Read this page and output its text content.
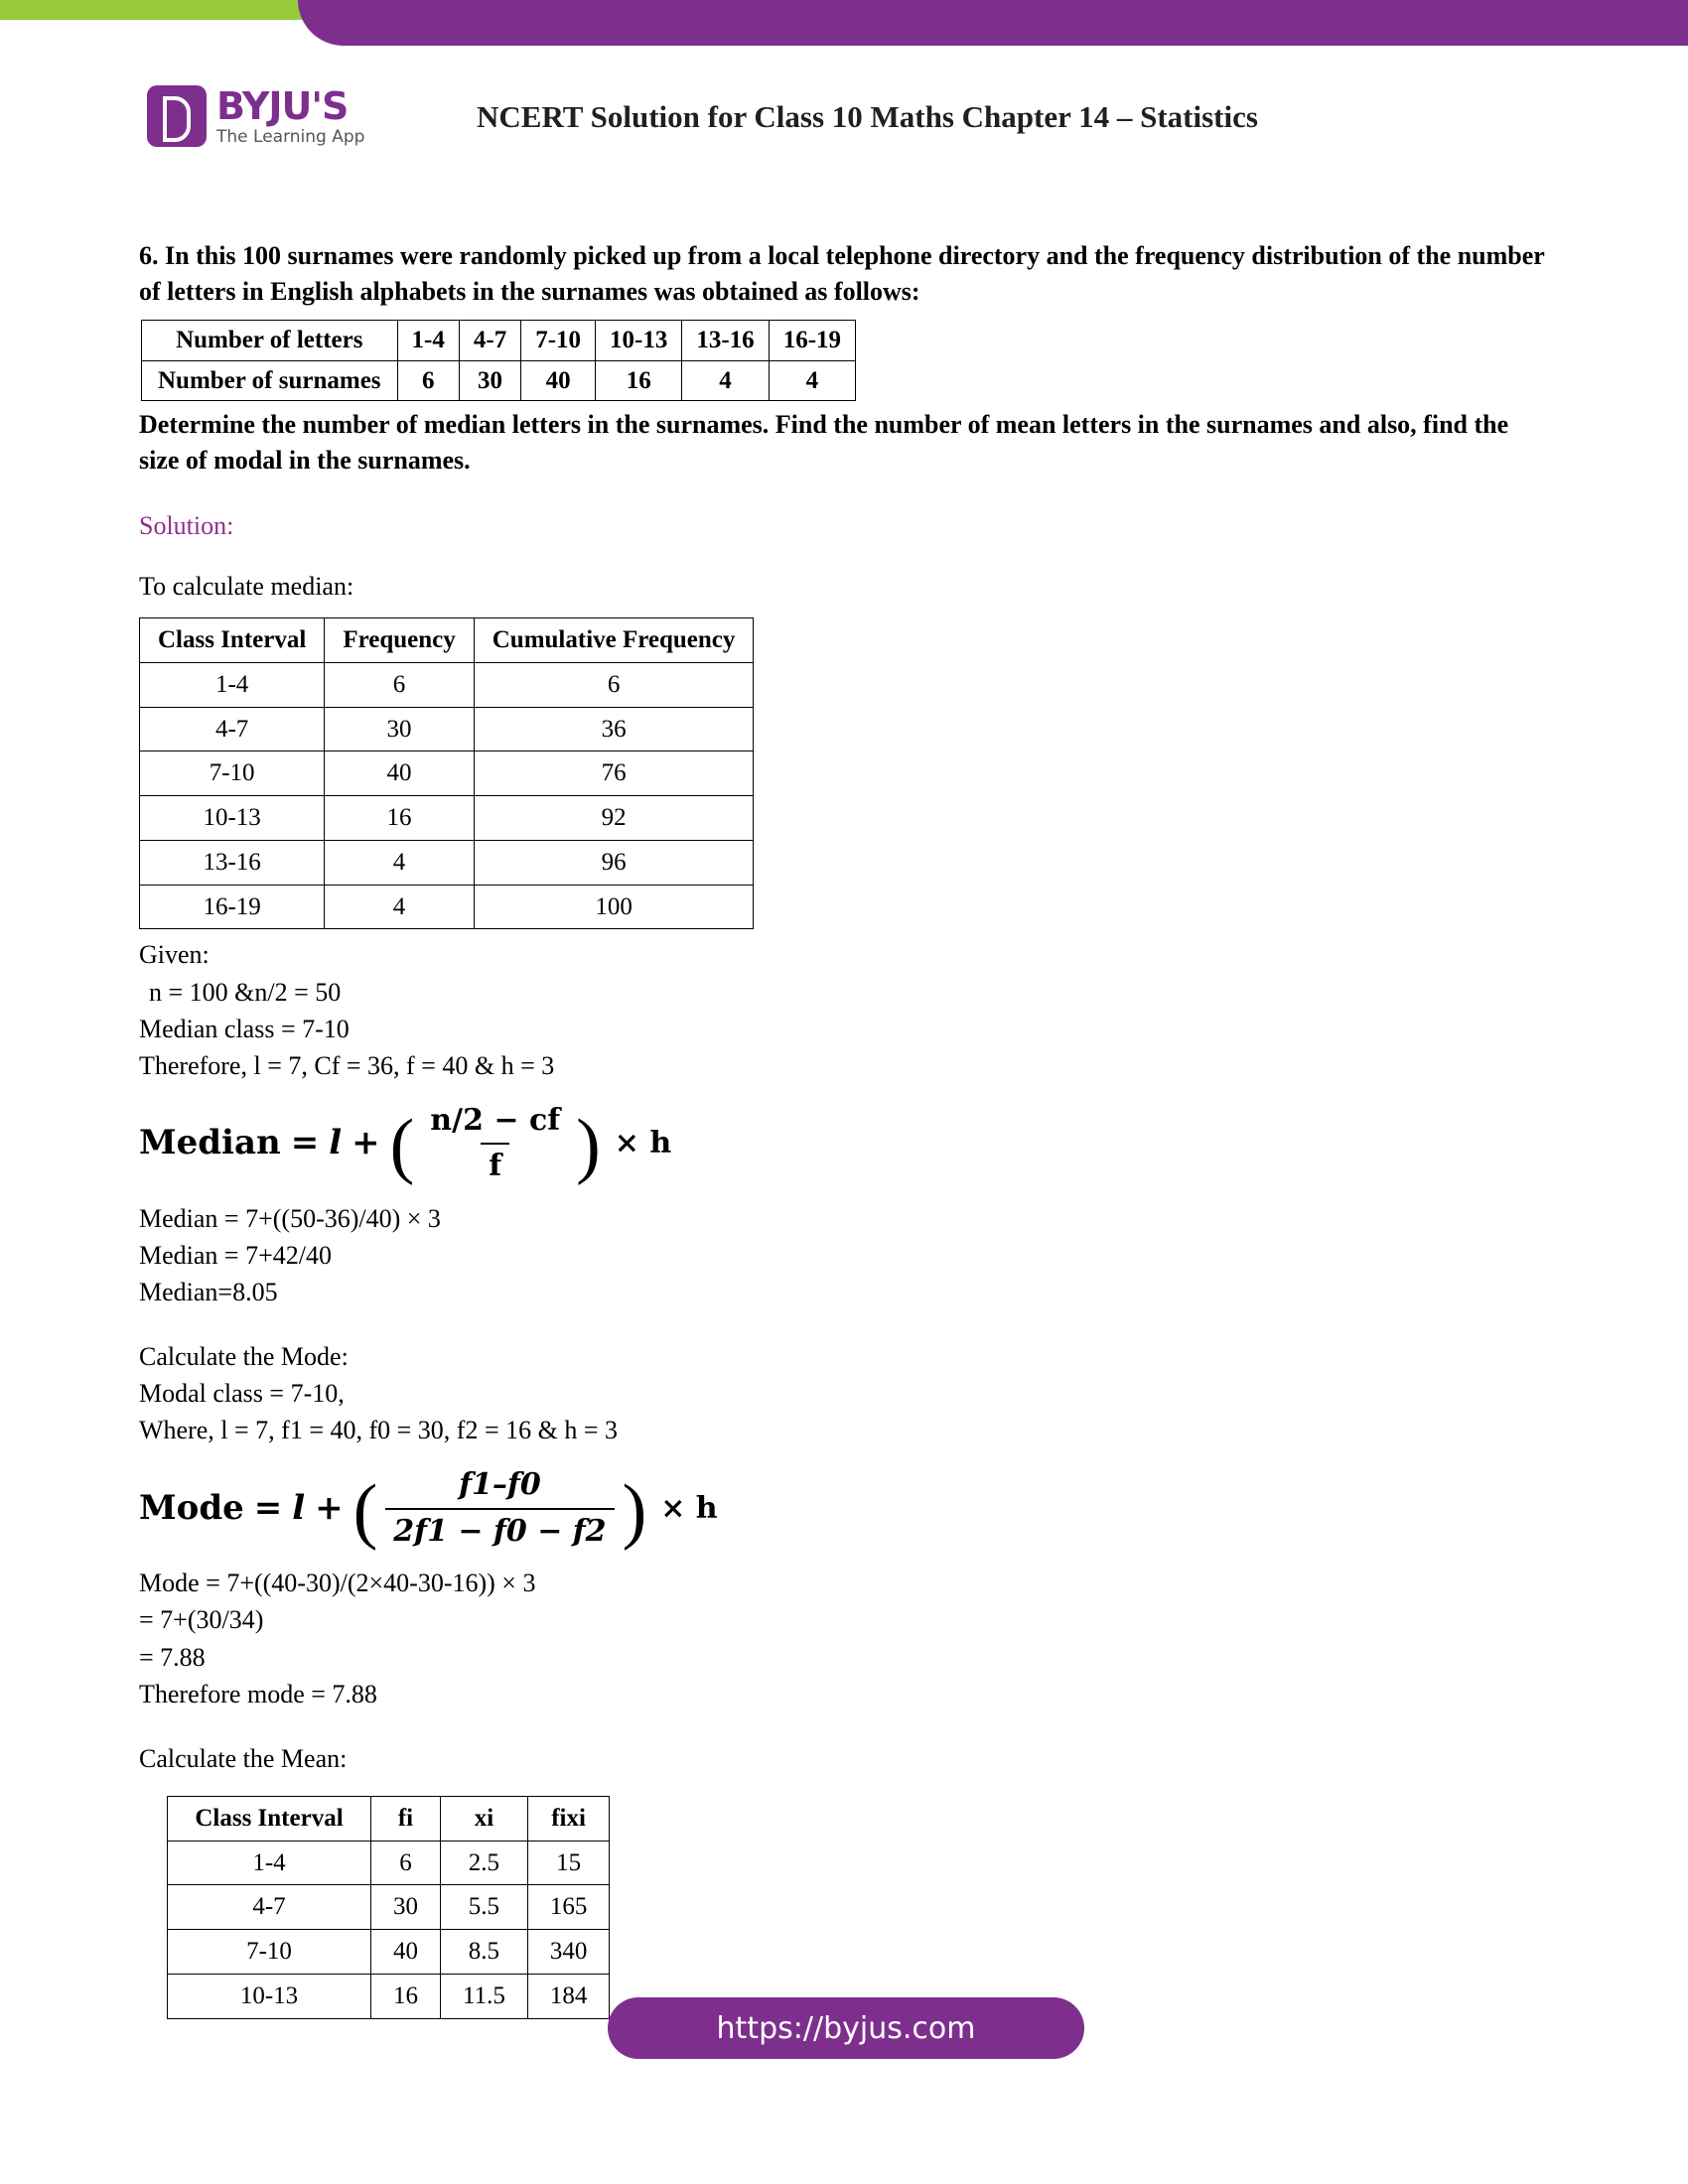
BYJU'S
The Learning App
NCERT Solution for Class 10 Maths Chapter 14 – Statistics
6. In this 100 surnames were randomly picked up from a local telephone directory and the frequency distribution of the number of letters in English alphabets in the surnames was obtained as follows:
Number of letters	1-4	4-7	7-10	10-13	13-16	16-19
Number of surnames	6	30	40	16	4	4
Determine the number of median letters in the surnames. Find the number of mean letters in the surnames and also, find the size of modal in the surnames.
Solution:
To calculate median:
Class Interval	Frequency	Cumulative Frequency
1-4	6	6
4-7	30	36
7-10	40	76
10-13	16	92
13-16	4	96
16-19	4	100
Given:
n = 100 &n/2 = 50
Median class = 7-10
Therefore, l = 7, Cf = 36, f = 40 & h = 3
Median = l + ( $\frac{n/2 - cf}{f}$ ) × h
Median = 7+((50-36)/40) × 3
Median = 7+42/40
Median=8.05
Calculate the Mode:
Modal class = 7-10,
Where, l = 7, f1 = 40, f0 = 30, f2 = 16 & h = 3
Mode = l + ( $\frac{f1-f0}{2f1 - f0 - f2}$ ) × h
Mode = 7+((40-30)/(2×40-30-16)) × 3
= 7+(30/34)
= 7.88
Therefore mode = 7.88
Calculate the Mean:
Class Interval	fi	xi	fixi
1-4	6	2.5	15
4-7	30	5.5	165
7-10	40	8.5	340
10-13	16	11.5	184
https://byjus.com
